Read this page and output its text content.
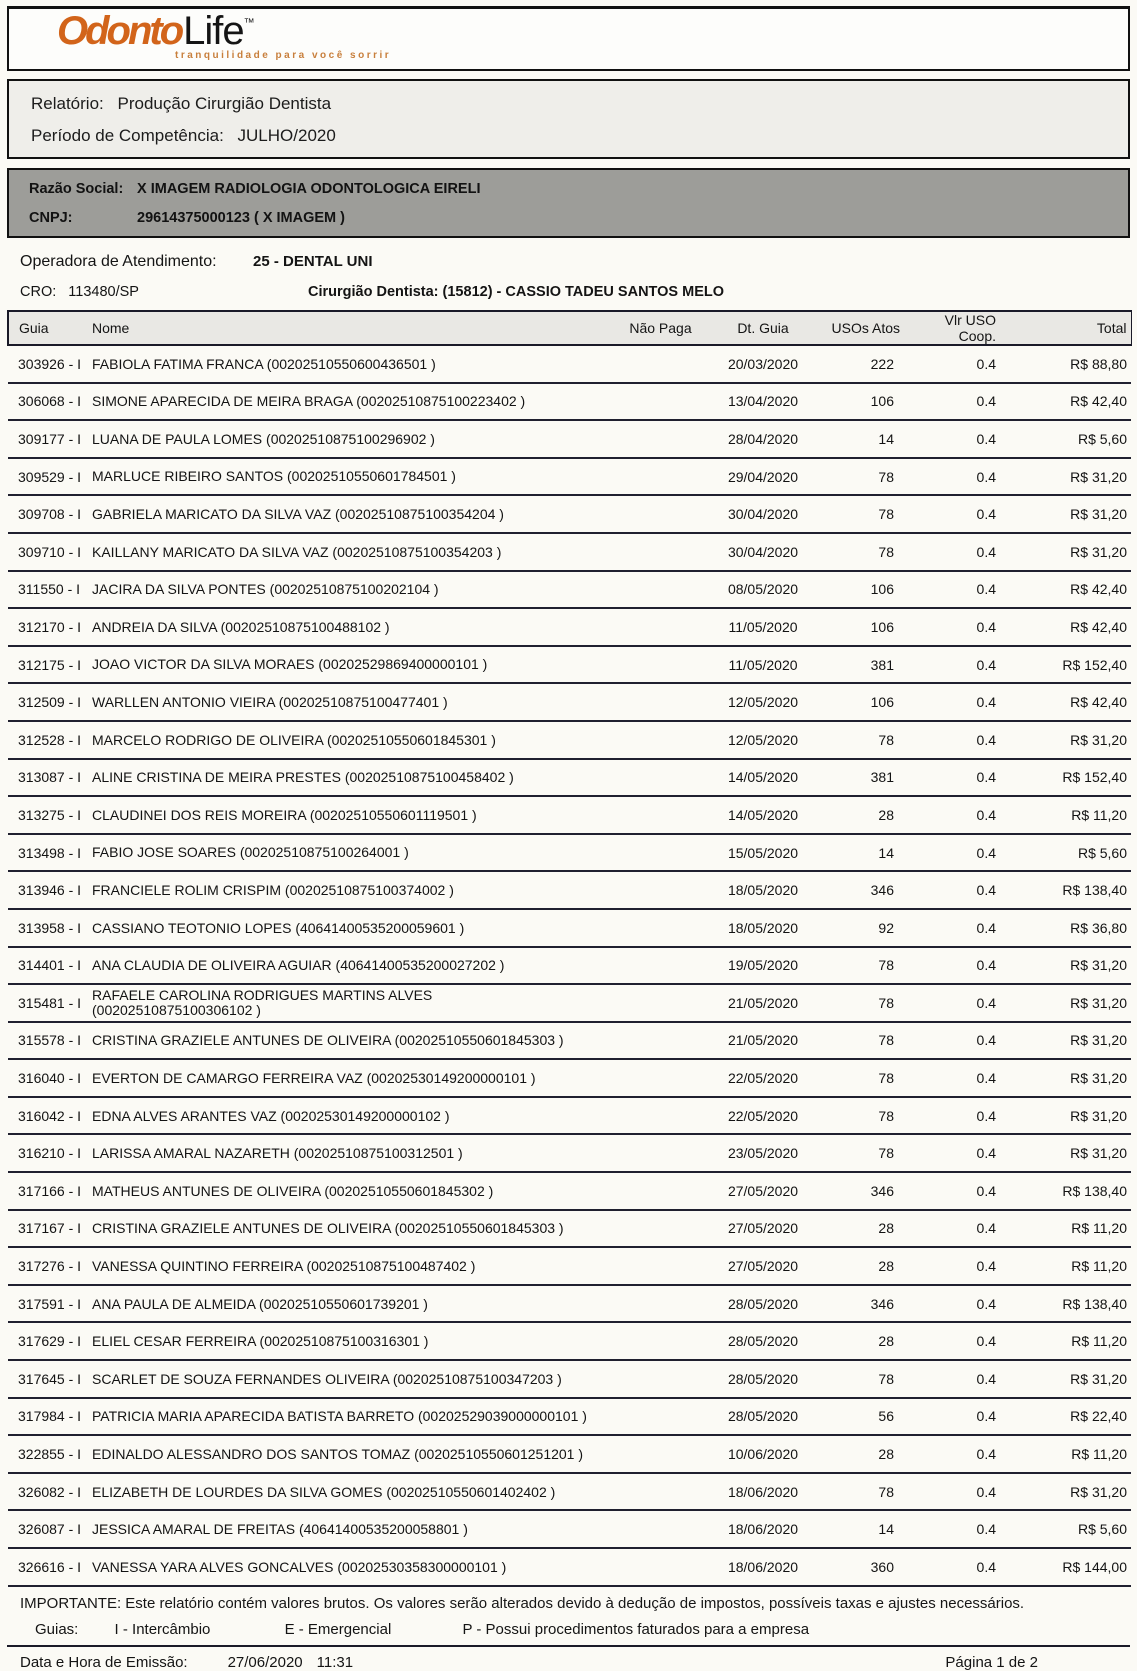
OdontoLife™
tranquilidade para você sorrir
Relatório: Produção Cirurgião Dentista
Período de Competência: JULHO/2020
Razão Social: X IMAGEM RADIOLOGIA ODONTOLOGICA EIRELI
CNPJ:	29614375000123 ( X IMAGEM )
Operadora de Atendimento: 25 - DENTAL UNI
CRO: 113480/SP	Cirurgião Dentista: (15812) - CASSIO TADEU SANTOS MELO
Guia	Nome	Não Paga	Dt. Guia	USOs Atos	Vlr USO Coop.	Total
303926 - I	FABIOLA FATIMA FRANCA (00202510550600436501 )		20/03/2020	222	0.4	R$ 88,80
306068 - I	SIMONE APARECIDA DE MEIRA BRAGA (00202510875100223402 )		13/04/2020	106	0.4	R$ 42,40
309177 - I	LUANA DE PAULA LOMES (00202510875100296902 )		28/04/2020	14	0.4	R$ 5,60
309529 - I	MARLUCE RIBEIRO SANTOS (00202510550601784501 )		29/04/2020	78	0.4	R$ 31,20
309708 - I	GABRIELA MARICATO DA SILVA VAZ (00202510875100354204 )		30/04/2020	78	0.4	R$ 31,20
309710 - I	KAILLANY MARICATO DA SILVA VAZ (00202510875100354203 )		30/04/2020	78	0.4	R$ 31,20
311550 - I	JACIRA DA SILVA PONTES (00202510875100202104 )		08/05/2020	106	0.4	R$ 42,40
312170 - I	ANDREIA DA SILVA (00202510875100488102 )		11/05/2020	106	0.4	R$ 42,40
312175 - I	JOAO VICTOR DA SILVA MORAES (00202529869400000101 )		11/05/2020	381	0.4	R$ 152,40
312509 - I	WARLLEN ANTONIO VIEIRA (00202510875100477401 )		12/05/2020	106	0.4	R$ 42,40
312528 - I	MARCELO RODRIGO DE OLIVEIRA (00202510550601845301 )		12/05/2020	78	0.4	R$ 31,20
313087 - I	ALINE CRISTINA DE MEIRA PRESTES (00202510875100458402 )		14/05/2020	381	0.4	R$ 152,40
313275 - I	CLAUDINEI DOS REIS MOREIRA (00202510550601119501 )		14/05/2020	28	0.4	R$ 11,20
313498 - I	FABIO JOSE SOARES (00202510875100264001 )		15/05/2020	14	0.4	R$ 5,60
313946 - I	FRANCIELE ROLIM CRISPIM (00202510875100374002 )		18/05/2020	346	0.4	R$ 138,40
313958 - I	CASSIANO TEOTONIO LOPES (40641400535200059601 )		18/05/2020	92	0.4	R$ 36,80
314401 - I	ANA CLAUDIA DE OLIVEIRA AGUIAR (40641400535200027202 )		19/05/2020	78	0.4	R$ 31,20
315481 - I	RAFAELE CAROLINA RODRIGUES MARTINS ALVES (00202510875100306102 )		21/05/2020	78	0.4	R$ 31,20
315578 - I	CRISTINA GRAZIELE ANTUNES DE OLIVEIRA (00202510550601845303 )		21/05/2020	78	0.4	R$ 31,20
316040 - I	EVERTON DE CAMARGO FERREIRA VAZ (00202530149200000101 )		22/05/2020	78	0.4	R$ 31,20
316042 - I	EDNA ALVES ARANTES VAZ (00202530149200000102 )		22/05/2020	78	0.4	R$ 31,20
316210 - I	LARISSA AMARAL NAZARETH (00202510875100312501 )		23/05/2020	78	0.4	R$ 31,20
317166 - I	MATHEUS ANTUNES DE OLIVEIRA (00202510550601845302 )		27/05/2020	346	0.4	R$ 138,40
317167 - I	CRISTINA GRAZIELE ANTUNES DE OLIVEIRA (00202510550601845303 )		27/05/2020	28	0.4	R$ 11,20
317276 - I	VANESSA QUINTINO FERREIRA (00202510875100487402 )		27/05/2020	28	0.4	R$ 11,20
317591 - I	ANA PAULA DE ALMEIDA (00202510550601739201 )		28/05/2020	346	0.4	R$ 138,40
317629 - I	ELIEL CESAR FERREIRA (00202510875100316301 )		28/05/2020	28	0.4	R$ 11,20
317645 - I	SCARLET DE SOUZA FERNANDES OLIVEIRA (00202510875100347203 )		28/05/2020	78	0.4	R$ 31,20
317984 - I	PATRICIA MARIA APARECIDA BATISTA BARRETO (00202529039000000101 )		28/05/2020	56	0.4	R$ 22,40
322855 - I	EDINALDO ALESSANDRO DOS SANTOS TOMAZ (00202510550601251201 )		10/06/2020	28	0.4	R$ 11,20
326082 - I	ELIZABETH DE LOURDES DA SILVA GOMES (00202510550601402402 )		18/06/2020	78	0.4	R$ 31,20
326087 - I	JESSICA AMARAL DE FREITAS (40641400535200058801 )		18/06/2020	14	0.4	R$ 5,60
326616 - I	VANESSA YARA ALVES GONCALVES (00202530358300000101 )		18/06/2020	360	0.4	R$ 144,00

IMPORTANTE: Este relatório contém valores brutos. Os valores serão alterados devido à dedução de impostos, possíveis taxas e ajustes necessários.

Guias: I - Intercâmbio	E - Emergencial	P - Possui procedimentos faturados para a empresa
Data e Hora de Emissão:	27/06/2020 11:31	Página 1 de 2
